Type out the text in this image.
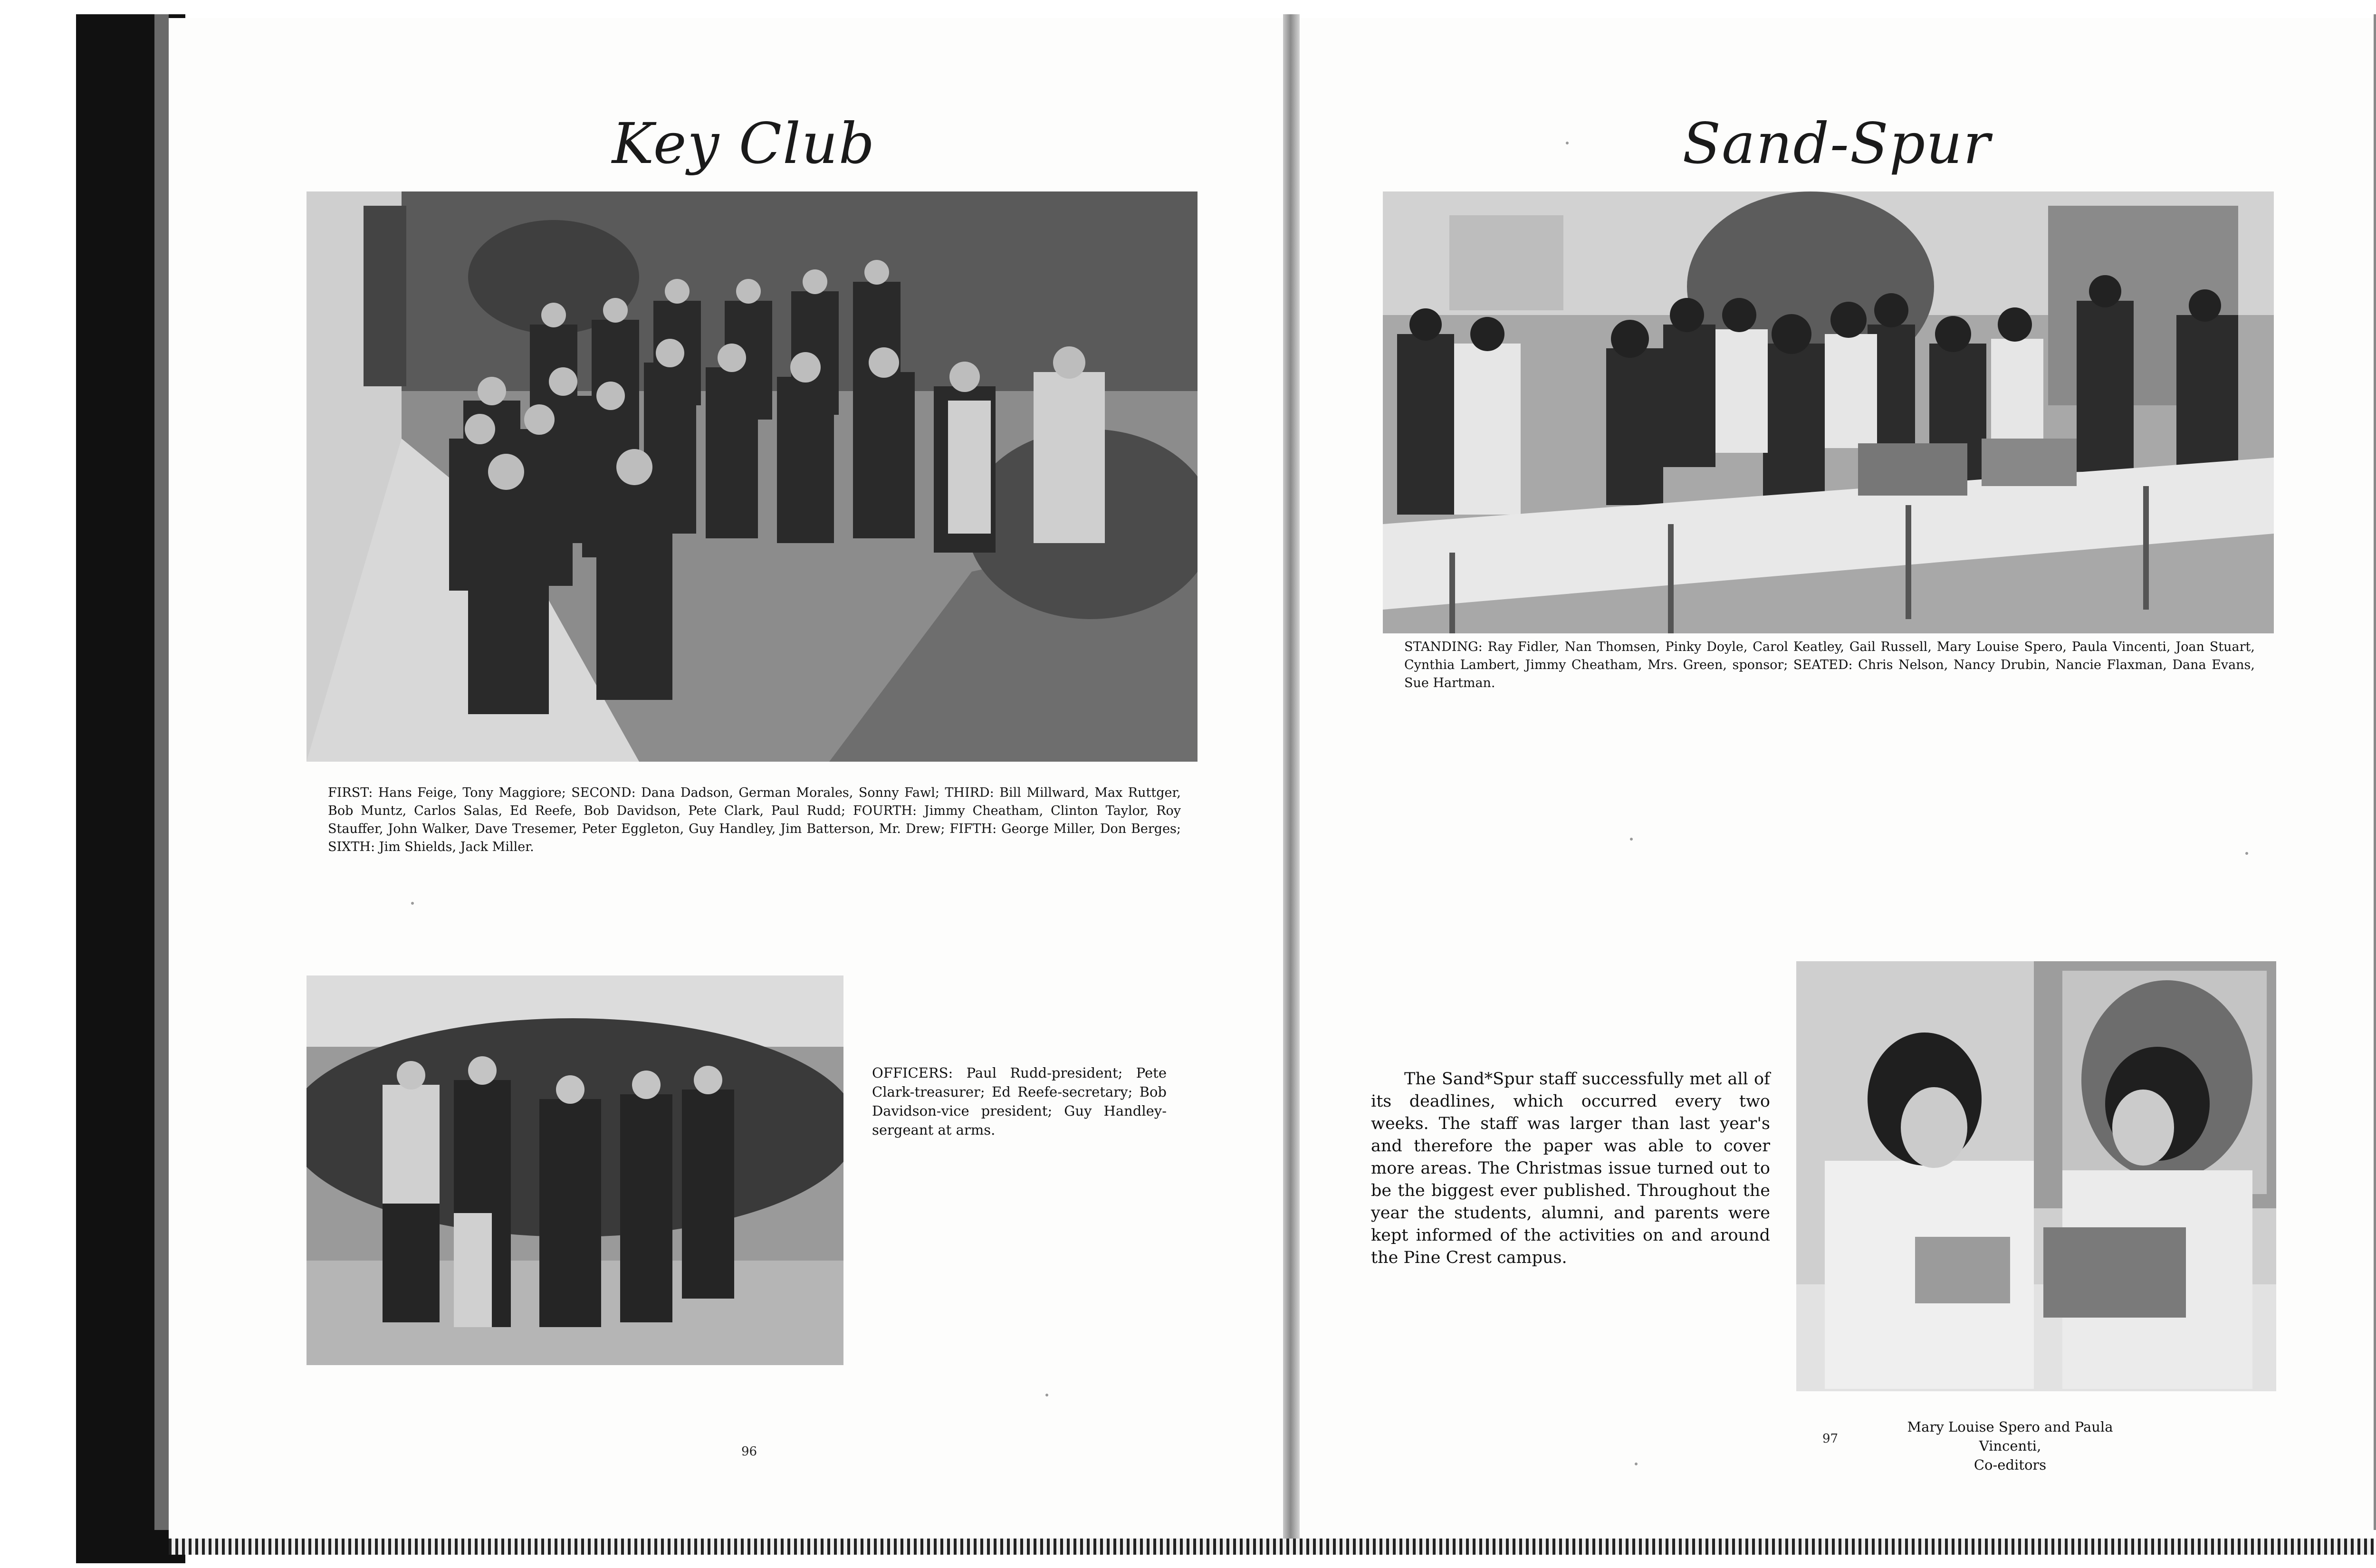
Key Club
FIRST: Hans Feige, Tony Maggiore; SECOND: Dana Dadson, German Morales, Sonny Fawl; THIRD: Bill Millward, Max Ruttger, Bob Muntz, Carlos Salas, Ed Reefe, Bob Davidson, Pete Clark, Paul Rudd; FOURTH: Jimmy Cheatham, Clinton Taylor, Roy Stauffer, John Walker, Dave Tresemer, Peter Eggleton, Guy Handley, Jim Batterson, Mr. Drew; FIFTH: George Miller, Don Berges; SIXTH: Jim Shields, Jack Miller.
OFFICERS: Paul Rudd-president; Pete Clark-treasurer; Ed Reefe-secretary; Bob Davidson-vice president; Guy Handley-sergeant at arms.
96
Sand-Spur
STANDING: Ray Fidler, Nan Thomsen, Pinky Doyle, Carol Keatley, Gail Russell, Mary Louise Spero, Paula Vincenti, Joan Stuart, Cynthia Lambert, Jimmy Cheatham, Mrs. Green, sponsor; SEATED: Chris Nelson, Nancy Drubin, Nancie Flaxman, Dana Evans, Sue Hartman.
The Sand*Spur staff successfully met all of its deadlines, which occurred every two weeks. The staff was larger than last year's and therefore the paper was able to cover more areas. The Christmas issue turned out to be the biggest ever published. Throughout the year the students, alumni, and parents were kept informed of the activities on and around the Pine Crest campus.
97
Mary Louise Spero and Paula Vincenti,
Co-editors
